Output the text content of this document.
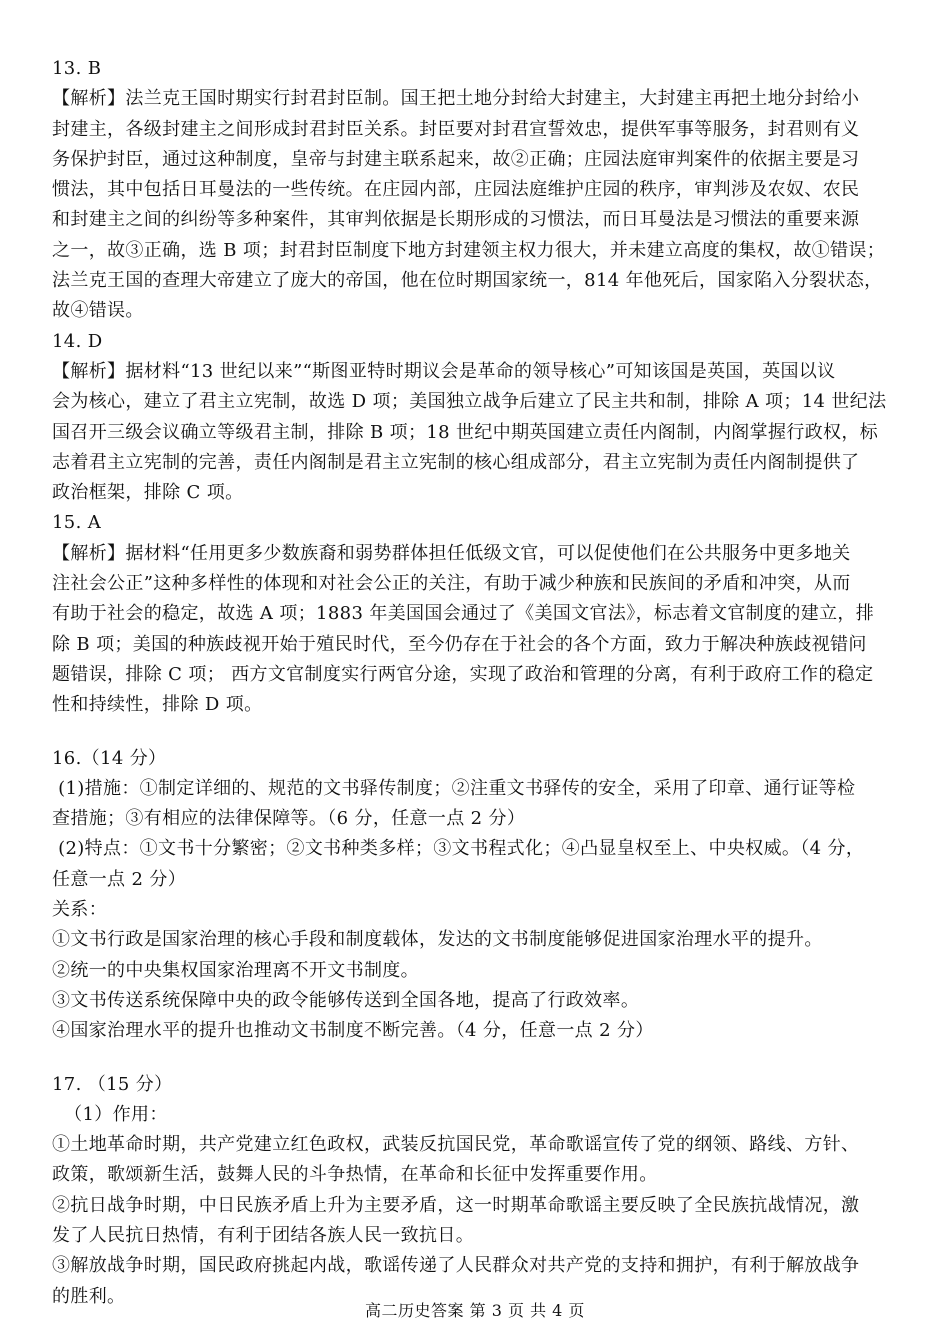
13. B
【解析】法兰克王国时期实行封君封臣制。国王把土地分封给大封建主，大封建主再把土地分封给小
封建主，各级封建主之间形成封君封臣关系。封臣要对封君宣誓效忠，提供军事等服务，封君则有义
务保护封臣，通过这种制度，皇帝与封建主联系起来，故②正确；庄园法庭审判案件的依据主要是习
惯法，其中包括日耳曼法的一些传统。在庄园内部，庄园法庭维护庄园的秩序，审判涉及农奴、农民
和封建主之间的纠纷等多种案件，其审判依据是长期形成的习惯法，而日耳曼法是习惯法的重要来源
之一，故③正确，选 B 项；封君封臣制度下地方封建领主权力很大，并未建立高度的集权，故①错误；
法兰克王国的查理大帝建立了庞大的帝国，他在位时期国家统一，814 年他死后，国家陷入分裂状态，
故④错误。
14. D
【解析】据材料“13 世纪以来”“斯图亚特时期议会是革命的领导核心”可知该国是英国，英国以议
会为核心，建立了君主立宪制，故选 D 项；美国独立战争后建立了民主共和制，排除 A 项；14 世纪法
国召开三级会议确立等级君主制，排除 B 项；18 世纪中期英国建立责任内阁制，内阁掌握行政权，标
志着君主立宪制的完善，责任内阁制是君主立宪制的核心组成部分，君主立宪制为责任内阁制提供了
政治框架，排除 C 项。
15. A
【解析】据材料“任用更多少数族裔和弱势群体担任低级文官，可以促使他们在公共服务中更多地关
注社会公正”这种多样性的体现和对社会公正的关注，有助于减少种族和民族间的矛盾和冲突，从而
有助于社会的稳定，故选 A 项；1883 年美国国会通过了《美国文官法》，标志着文官制度的建立，排
除 B 项；美国的种族歧视开始于殖民时代，至今仍存在于社会的各个方面，致力于解决种族歧视错问
题错误，排除 C 项； 西方文官制度实行两官分途，实现了政治和管理的分离，有利于政府工作的稳定
性和持续性，排除 D 项。
16.（14 分）
(1)措施：①制定详细的、规范的文书驿传制度；②注重文书驿传的安全，采用了印章、通行证等检
查措施；③有相应的法律保障等。（6 分，任意一点 2 分）
(2)特点：①文书十分繁密；②文书种类多样；③文书程式化；④凸显皇权至上、中央权威。（4 分，
任意一点 2 分）
关系：
①文书行政是国家治理的核心手段和制度载体，发达的文书制度能够促进国家治理水平的提升。
②统一的中央集权国家治理离不开文书制度。
③文书传送系统保障中央的政令能够传送到全国各地，提高了行政效率。
④国家治理水平的提升也推动文书制度不断完善。（4 分，任意一点 2 分）
17. （15 分）
（1）作用：
①土地革命时期，共产党建立红色政权，武装反抗国民党，革命歌谣宣传了党的纲领、路线、方针、
政策，歌颂新生活，鼓舞人民的斗争热情，在革命和长征中发挥重要作用。
②抗日战争时期，中日民族矛盾上升为主要矛盾，这一时期革命歌谣主要反映了全民族抗战情况，激
发了人民抗日热情，有利于团结各族人民一致抗日。
③解放战争时期，国民政府挑起内战，歌谣传递了人民群众对共产党的支持和拥护，有利于解放战争
的胜利。
高二历史答案 第 3 页 共 4 页
